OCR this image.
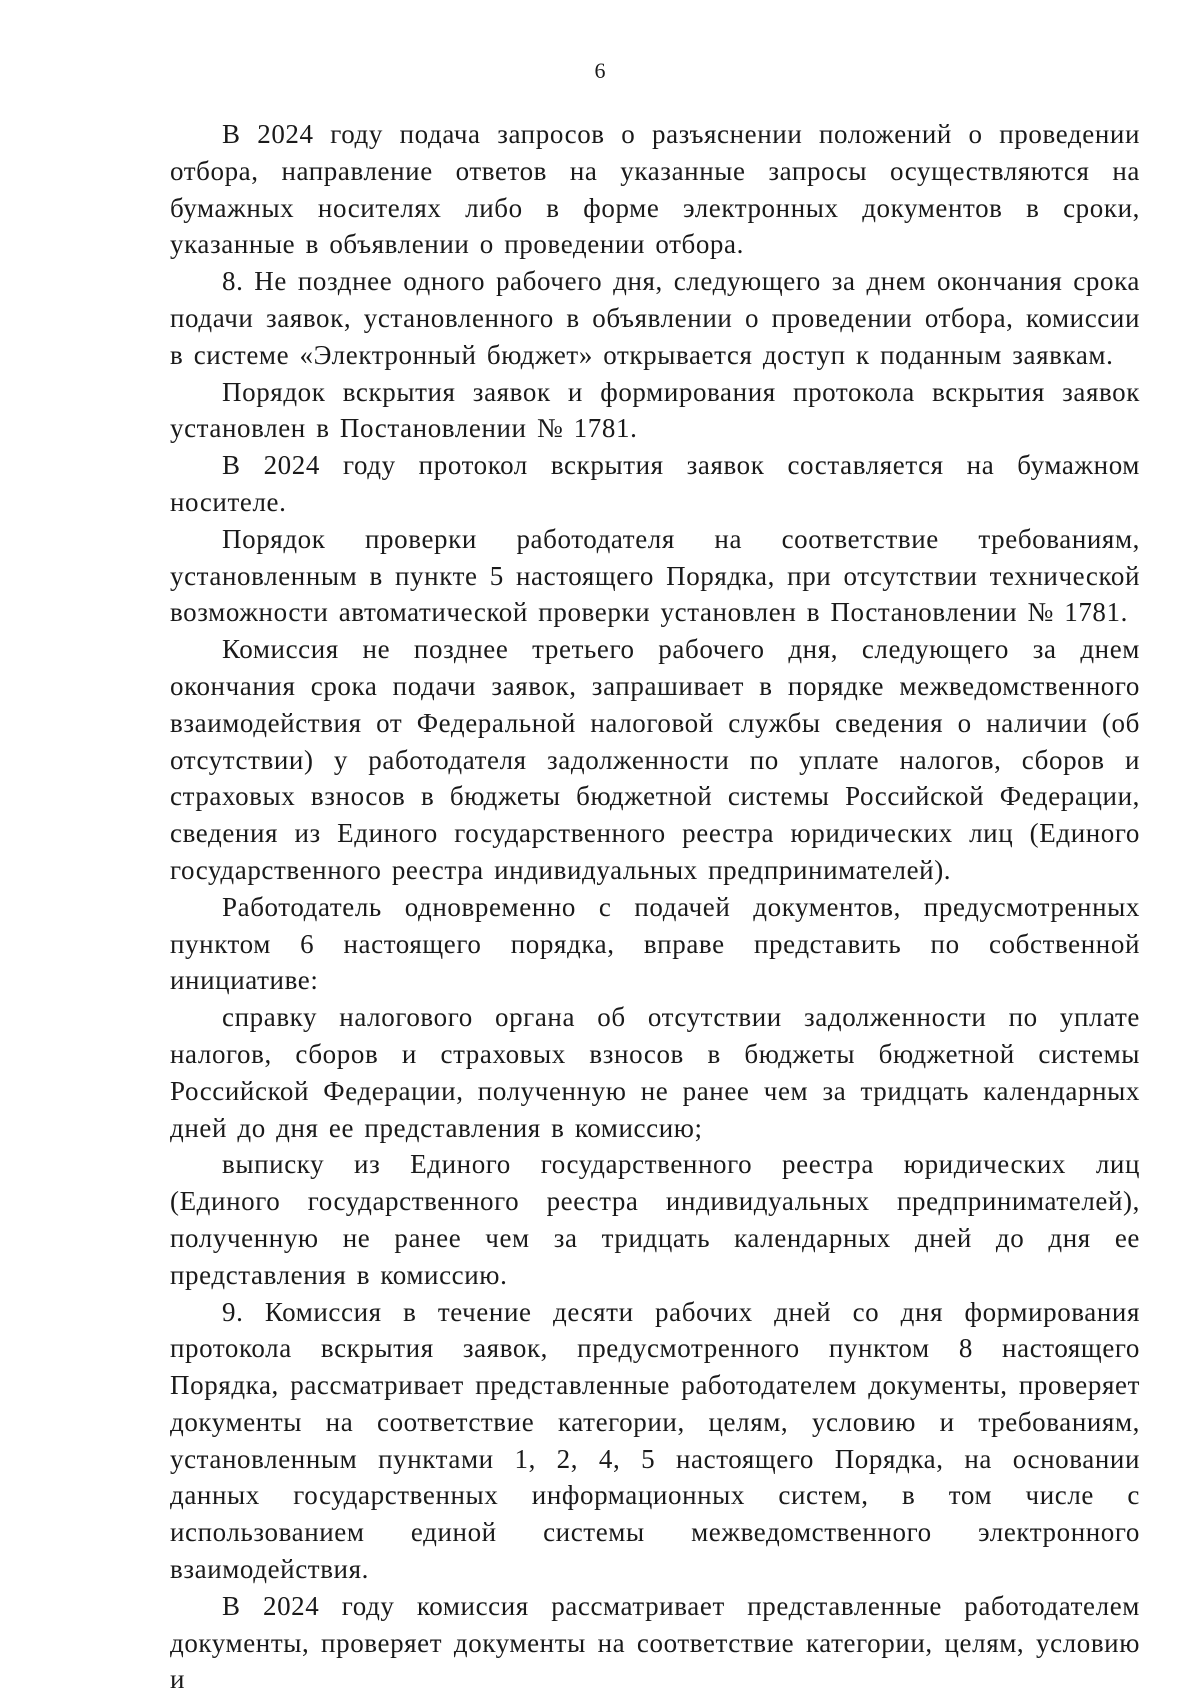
6

В 2024 году подача запросов о разъяснении положений о проведении отбора, направление ответов на указанные запросы осуществляются на бумажных носителях либо в форме электронных документов в сроки, указанные в объявлении о проведении отбора.

8. Не позднее одного рабочего дня, следующего за днем окончания срока подачи заявок, установленного в объявлении о проведении отбора, комиссии в системе «Электронный бюджет» открывается доступ к поданным заявкам.

Порядок вскрытия заявок и формирования протокола вскрытия заявок установлен в Постановлении № 1781.

В 2024 году протокол вскрытия заявок составляется на бумажном носителе.

Порядок проверки работодателя на соответствие требованиям, установленным в пункте 5 настоящего Порядка, при отсутствии технической возможности автоматической проверки установлен в Постановлении № 1781.

Комиссия не позднее третьего рабочего дня, следующего за днем окончания срока подачи заявок, запрашивает в порядке межведомственного взаимодействия от Федеральной налоговой службы сведения о наличии (об отсутствии) у работодателя задолженности по уплате налогов, сборов и страховых взносов в бюджеты бюджетной системы Российской Федерации, сведения из Единого государственного реестра юридических лиц (Единого государственного реестра индивидуальных предпринимателей).

Работодатель одновременно с подачей документов, предусмотренных пунктом 6 настоящего порядка, вправе представить по собственной инициативе:

справку налогового органа об отсутствии задолженности по уплате налогов, сборов и страховых взносов в бюджеты бюджетной системы Российской Федерации, полученную не ранее чем за тридцать календарных дней до дня ее представления в комиссию;

выписку из Единого государственного реестра юридических лиц (Единого государственного реестра индивидуальных предпринимателей), полученную не ранее чем за тридцать календарных дней до дня ее представления в комиссию.

9. Комиссия в течение десяти рабочих дней со дня формирования протокола вскрытия заявок, предусмотренного пунктом 8 настоящего Порядка, рассматривает представленные работодателем документы, проверяет документы на соответствие категории, целям, условию и требованиям, установленным пунктами 1, 2, 4, 5 настоящего Порядка, на основании данных государственных информационных систем, в том числе с использованием единой системы межведомственного электронного взаимодействия.

В 2024 году комиссия рассматривает представленные работодателем документы, проверяет документы на соответствие категории, целям, условию и
